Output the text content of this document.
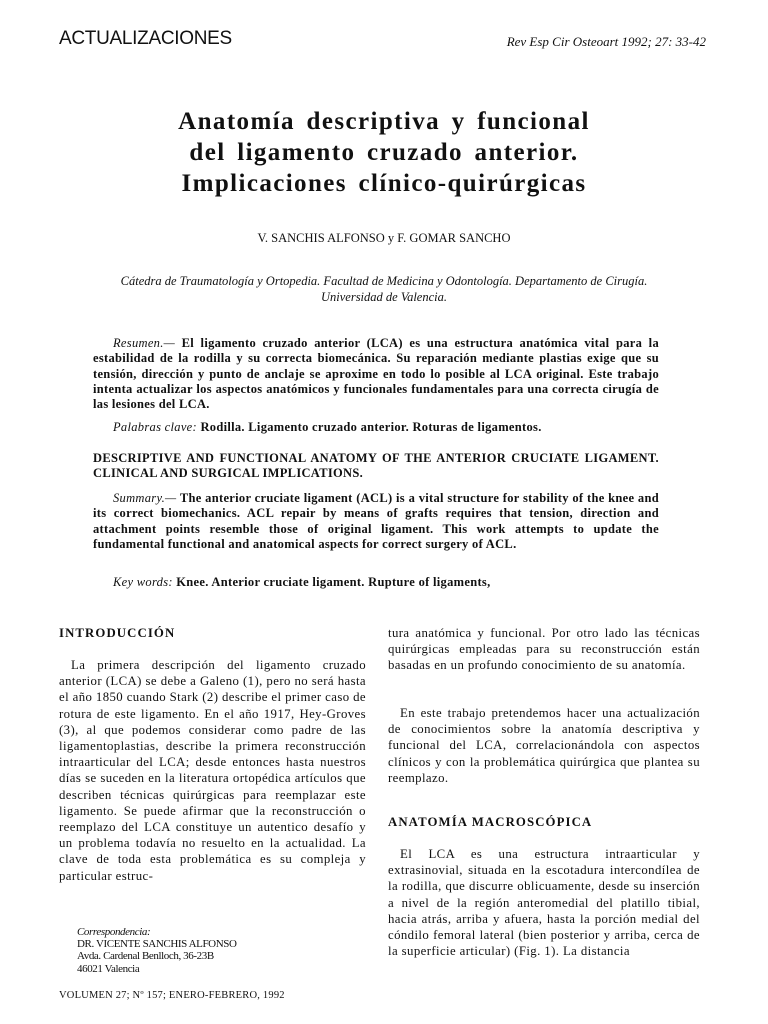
ACTUALIZACIONES	Rev Esp Cir Osteoart 1992; 27: 33-42
Anatomía descriptiva y funcional
del ligamento cruzado anterior.
Implicaciones clínico-quirúrgicas
V. SANCHIS ALFONSO y F. GOMAR SANCHO
Cátedra de Traumatología y Ortopedia. Facultad de Medicina y Odontología. Departamento de Cirugía.
Universidad de Valencia.

Resumen.— El ligamento cruzado anterior (LCA) es una estructura anatómica vital para la estabilidad de la rodilla y su correcta biomecánica. Su reparación mediante plastias exige que su tensión, dirección y punto de anclaje se aproxime en todo lo posible al LCA original. Este trabajo intenta actualizar los aspectos anatómicos y funcionales fundamentales para una correcta cirugía de las lesiones del LCA.

Palabras clave: Rodilla. Ligamento cruzado anterior. Roturas de ligamentos.

DESCRIPTIVE AND FUNCTIONAL ANATOMY OF THE ANTERIOR CRUCIATE LIGAMENT. CLINICAL AND SURGICAL IMPLICATIONS.

Summary.— The anterior cruciate ligament (ACL) is a vital structure for stability of the knee and its correct biomechanics. ACL repair by means of grafts requires that tension, direction and attachment points resemble those of original ligament. This work attempts to update the fundamental functional and anatomical aspects for correct surgery of ACL.

Key words: Knee. Anterior cruciate ligament. Rupture of ligaments,

INTRODUCCIÓN

La primera descripción del ligamento cruzado anterior (LCA) se debe a Galeno (1), pero no será hasta el año 1850 cuando Stark (2) describe el primer caso de rotura de este ligamento. En el año 1917, Hey-Groves (3), al que podemos considerar como padre de las ligamentoplastias, describe la primera reconstrucción intraarticular del LCA; desde entonces hasta nuestros días se suceden en la literatura ortopédica artículos que describen técnicas quirúrgicas para reemplazar este ligamento. Se puede afirmar que la reconstrucción o reemplazo del LCA constituye un autentico desafío y un problema todavía no resuelto en la actualidad. La clave de toda esta problemática es su compleja y particular estruc-

tura anatómica y funcional. Por otro lado las técnicas quirúrgicas empleadas para su reconstrucción están basadas en un profundo conocimiento de su anatomía.

En este trabajo pretendemos hacer una actualización de conocimientos sobre la anatomía descriptiva y funcional del LCA, correlacionándola con aspectos clínicos y con la problemática quirúrgica que plantea su reemplazo.

ANATOMÍA MACROSCÓPICA

El LCA es una estructura intraarticular y extrasinovial, situada en la escotadura intercondílea de la rodilla, que discurre oblicuamente, desde su inserción a nivel de la región anteromedial del platillo tibial, hacia atrás, arriba y afuera, hasta la porción medial del cóndilo femoral lateral (bien posterior y arriba, cerca de la superficie articular) (Fig. 1). La distancia

Correspondencia:
DR. VICENTE SANCHIS ALFONSO
Avda. Cardenal Benlloch, 36-23B
46021 Valencia
VOLUMEN 27; Nº 157; ENERO-FEBRERO, 1992
